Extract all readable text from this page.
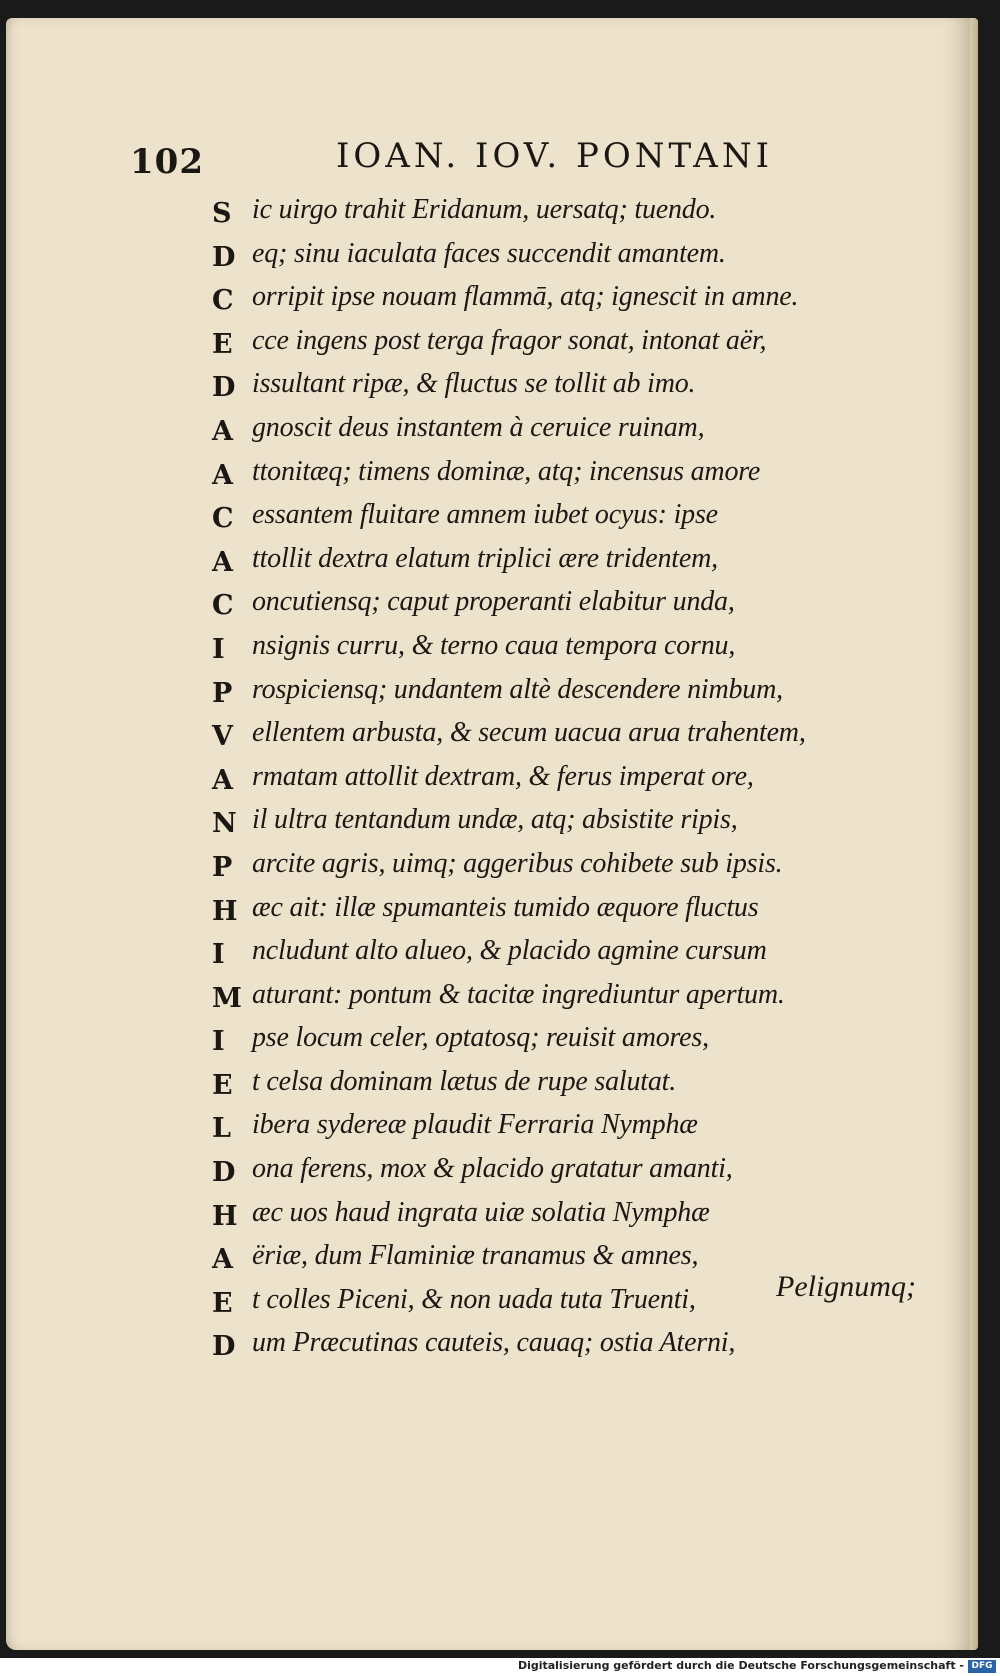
102	IOAN. IOV. PONTANI
S ic uirgo trahit Eridanum, uersatq; tuendo.
D eq; sinu iaculata faces succendit amantem.
C orripit ipse nouam flammā, atq; ignescit in amne.
E cce ingens post terga fragor sonat, intonat aër,
D issultant ripæ, & fluctus se tollit ab imo.
A gnoscit deus instantem à ceruice ruinam,
A ttonitæq; timens dominæ, atq; incensus amore
C essantem fluitare amnem iubet ocyus: ipse
A ttollit dextra elatum triplici ære tridentem,
C oncutiensq; caput properanti elabitur unda,
I nsignis curru, & terno caua tempora cornu,
P rospiciensq; undantem altè descendere nimbum,
V ellentem arbusta, & secum uacua arua trahentem,
A rmatam attollit dextram, & ferus imperat ore,
N il ultra tentandum undæ, atq; absistite ripis,
P arcite agris, uimq; aggeribus cohibete sub ipsis.
H æc ait: illæ spumanteis tumido æquore fluctus
I ncludunt alto alueo, & placido agmine cursum
M aturant: pontum & tacitæ ingrediuntur apertum.
I pse locum celer, optatosq; reuisit amores,
E t celsa dominam lætus de rupe salutat.
L ibera sydereæ plaudit Ferraria Nymphæ
D ona ferens, mox & placido gratatur amanti,
H æc uos haud ingrata uiæ solatia Nymphæ
A ëriæ, dum Flaminiæ tranamus & amnes,
E t colles Piceni, & non uada tuta Truenti,
D um Præcutinas cauteis, cauaq; ostia Aterni,
Pelignumq;
Digitalisierung gefördert durch die Deutsche Forschungsgemeinschaft - DFG
